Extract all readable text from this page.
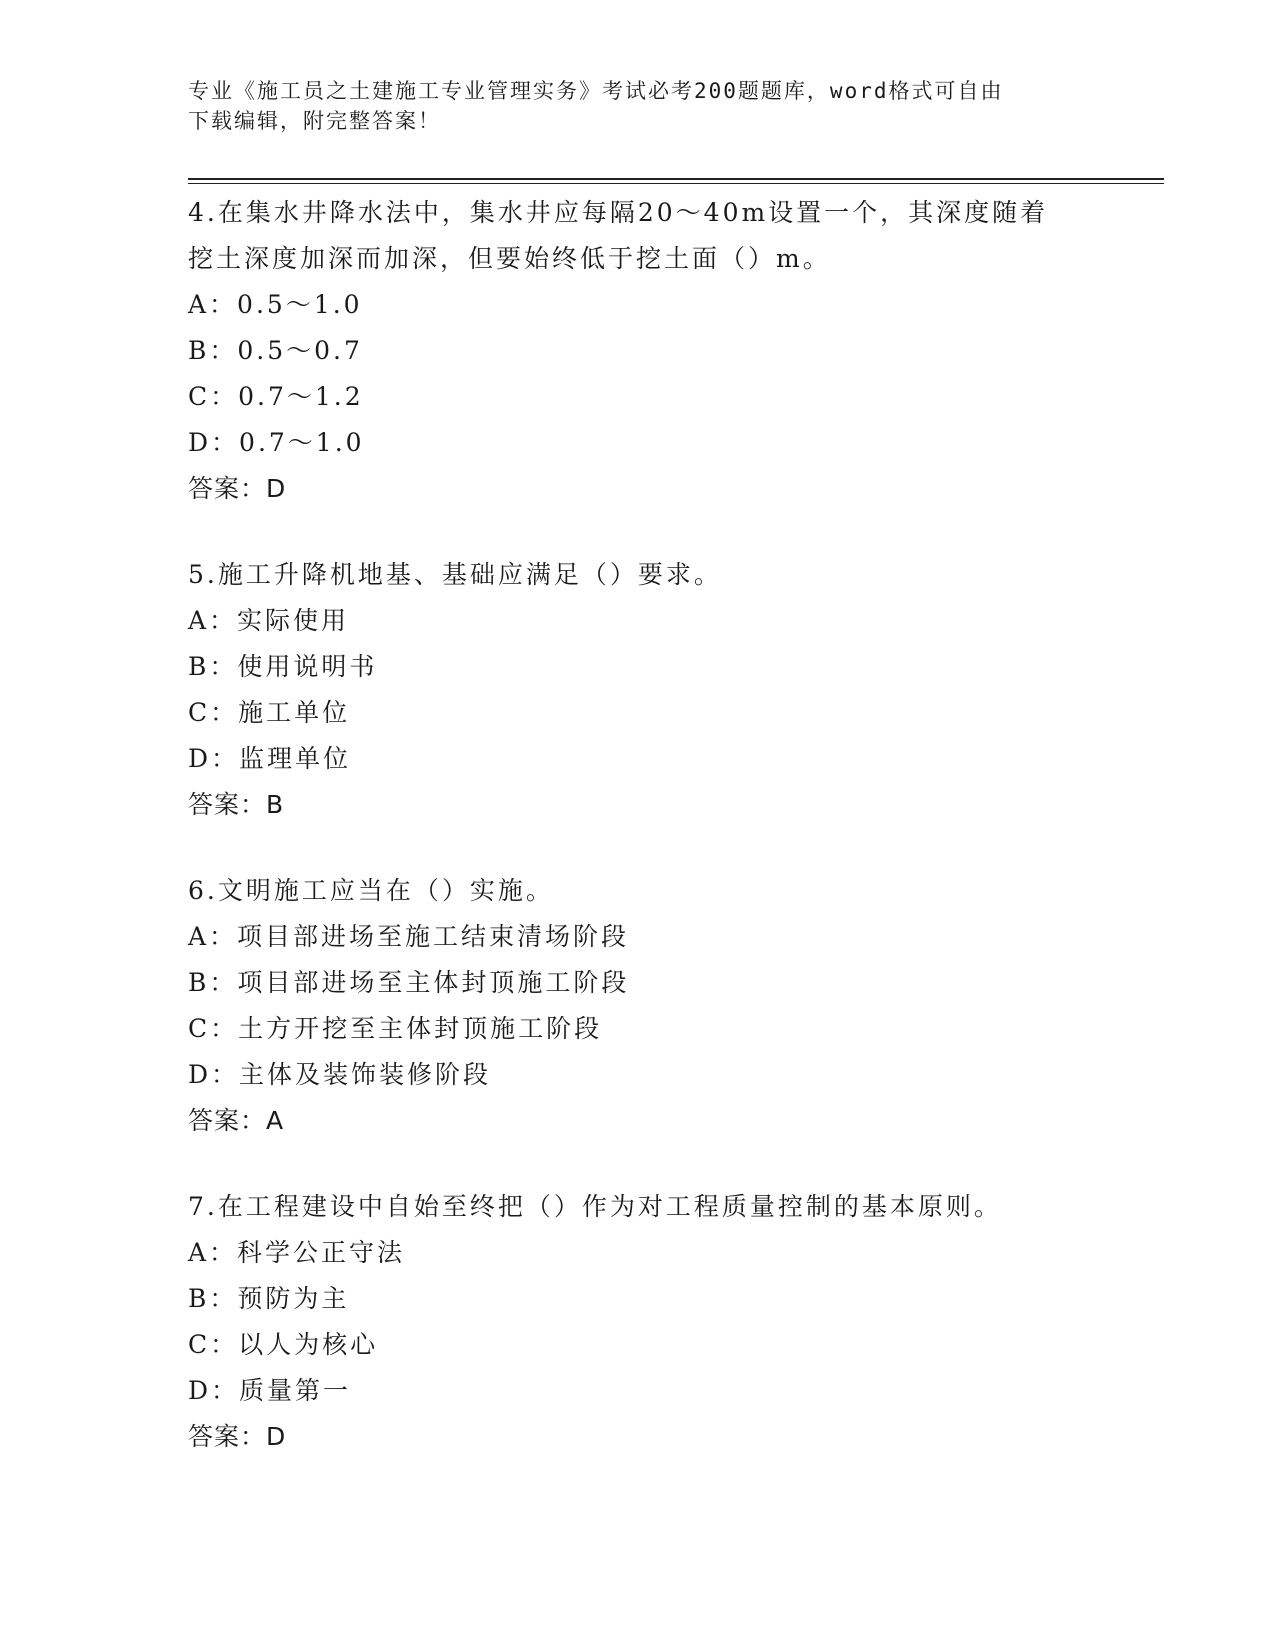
专业《施工员之土建施工专业管理实务》考试必考200题题库，word格式可自由
下载编辑，附完整答案！
4.在集水井降水法中，集水井应每隔20～40m设置一个，其深度随着
挖土深度加深而加深，但要始终低于挖土面（）m。
A：0.5～1.0
B：0.5～0.7
C：0.7～1.2
D：0.7～1.0
答案：D
5.施工升降机地基、基础应满足（）要求。
A：实际使用
B：使用说明书
C：施工单位
D：监理单位
答案：B
6.文明施工应当在（）实施。
A：项目部进场至施工结束清场阶段
B：项目部进场至主体封顶施工阶段
C：土方开挖至主体封顶施工阶段
D：主体及装饰装修阶段
答案：A
7.在工程建设中自始至终把（）作为对工程质量控制的基本原则。
A：科学公正守法
B：预防为主
C：以人为核心
D：质量第一
答案：D
